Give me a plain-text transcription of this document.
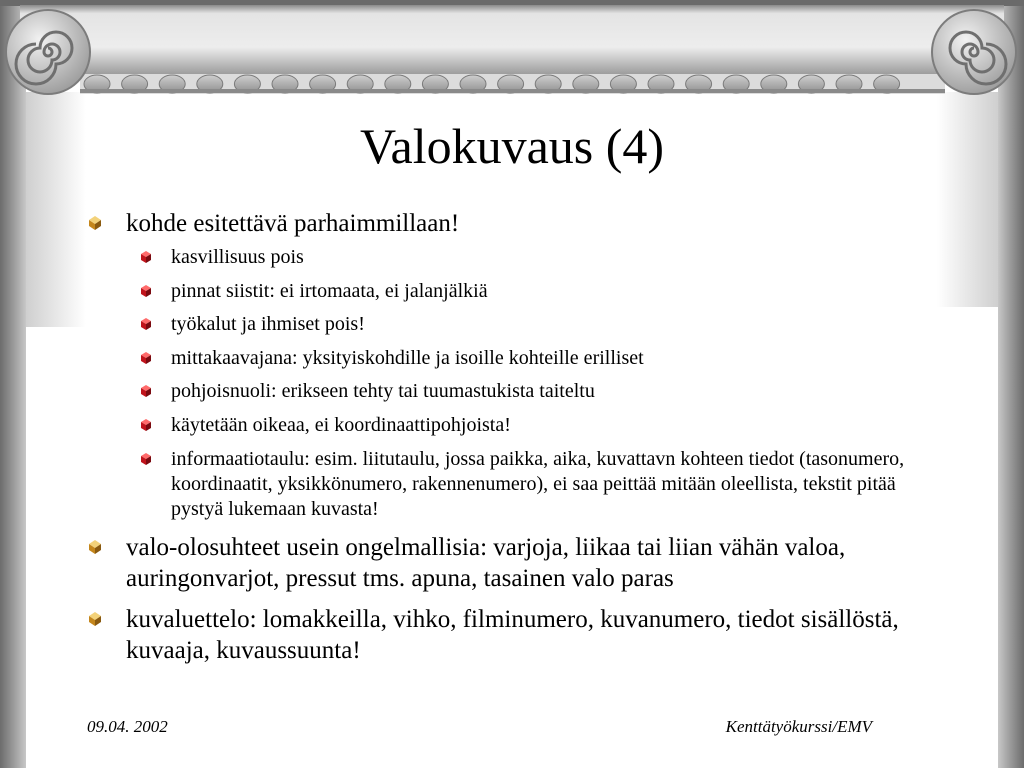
Valokuvaus (4)
kohde esitettävä parhaimmillaan!
kasvillisuus pois
pinnat siistit: ei irtomaata, ei jalanjälkiä
työkalut ja ihmiset pois!
mittakaavajana: yksityiskohdille ja isoille kohteille erilliset
pohjoisnuoli: erikseen tehty tai tuumastukista taiteltu
käytetään oikeaa, ei koordinaattipohjoista!
informaatiotaulu: esim. liitutaulu, jossa paikka, aika, kuvattavn kohteen tiedot (tasonumero, koordinaatit, yksikkönumero, rakennenumero), ei saa peittää mitään oleellista, tekstit pitää pystyä lukemaan kuvasta!
valo-olosuhteet usein ongelmallisia: varjoja, liikaa tai liian vähän valoa, auringonvarjot, pressut tms. apuna, tasainen valo paras
kuvaluettelo: lomakkeilla, vihko, filminumero, kuvanumero, tiedot sisällöstä, kuvaaja, kuvaussuunta!
09.04. 2002	Kenttätyökurssi/EMV
